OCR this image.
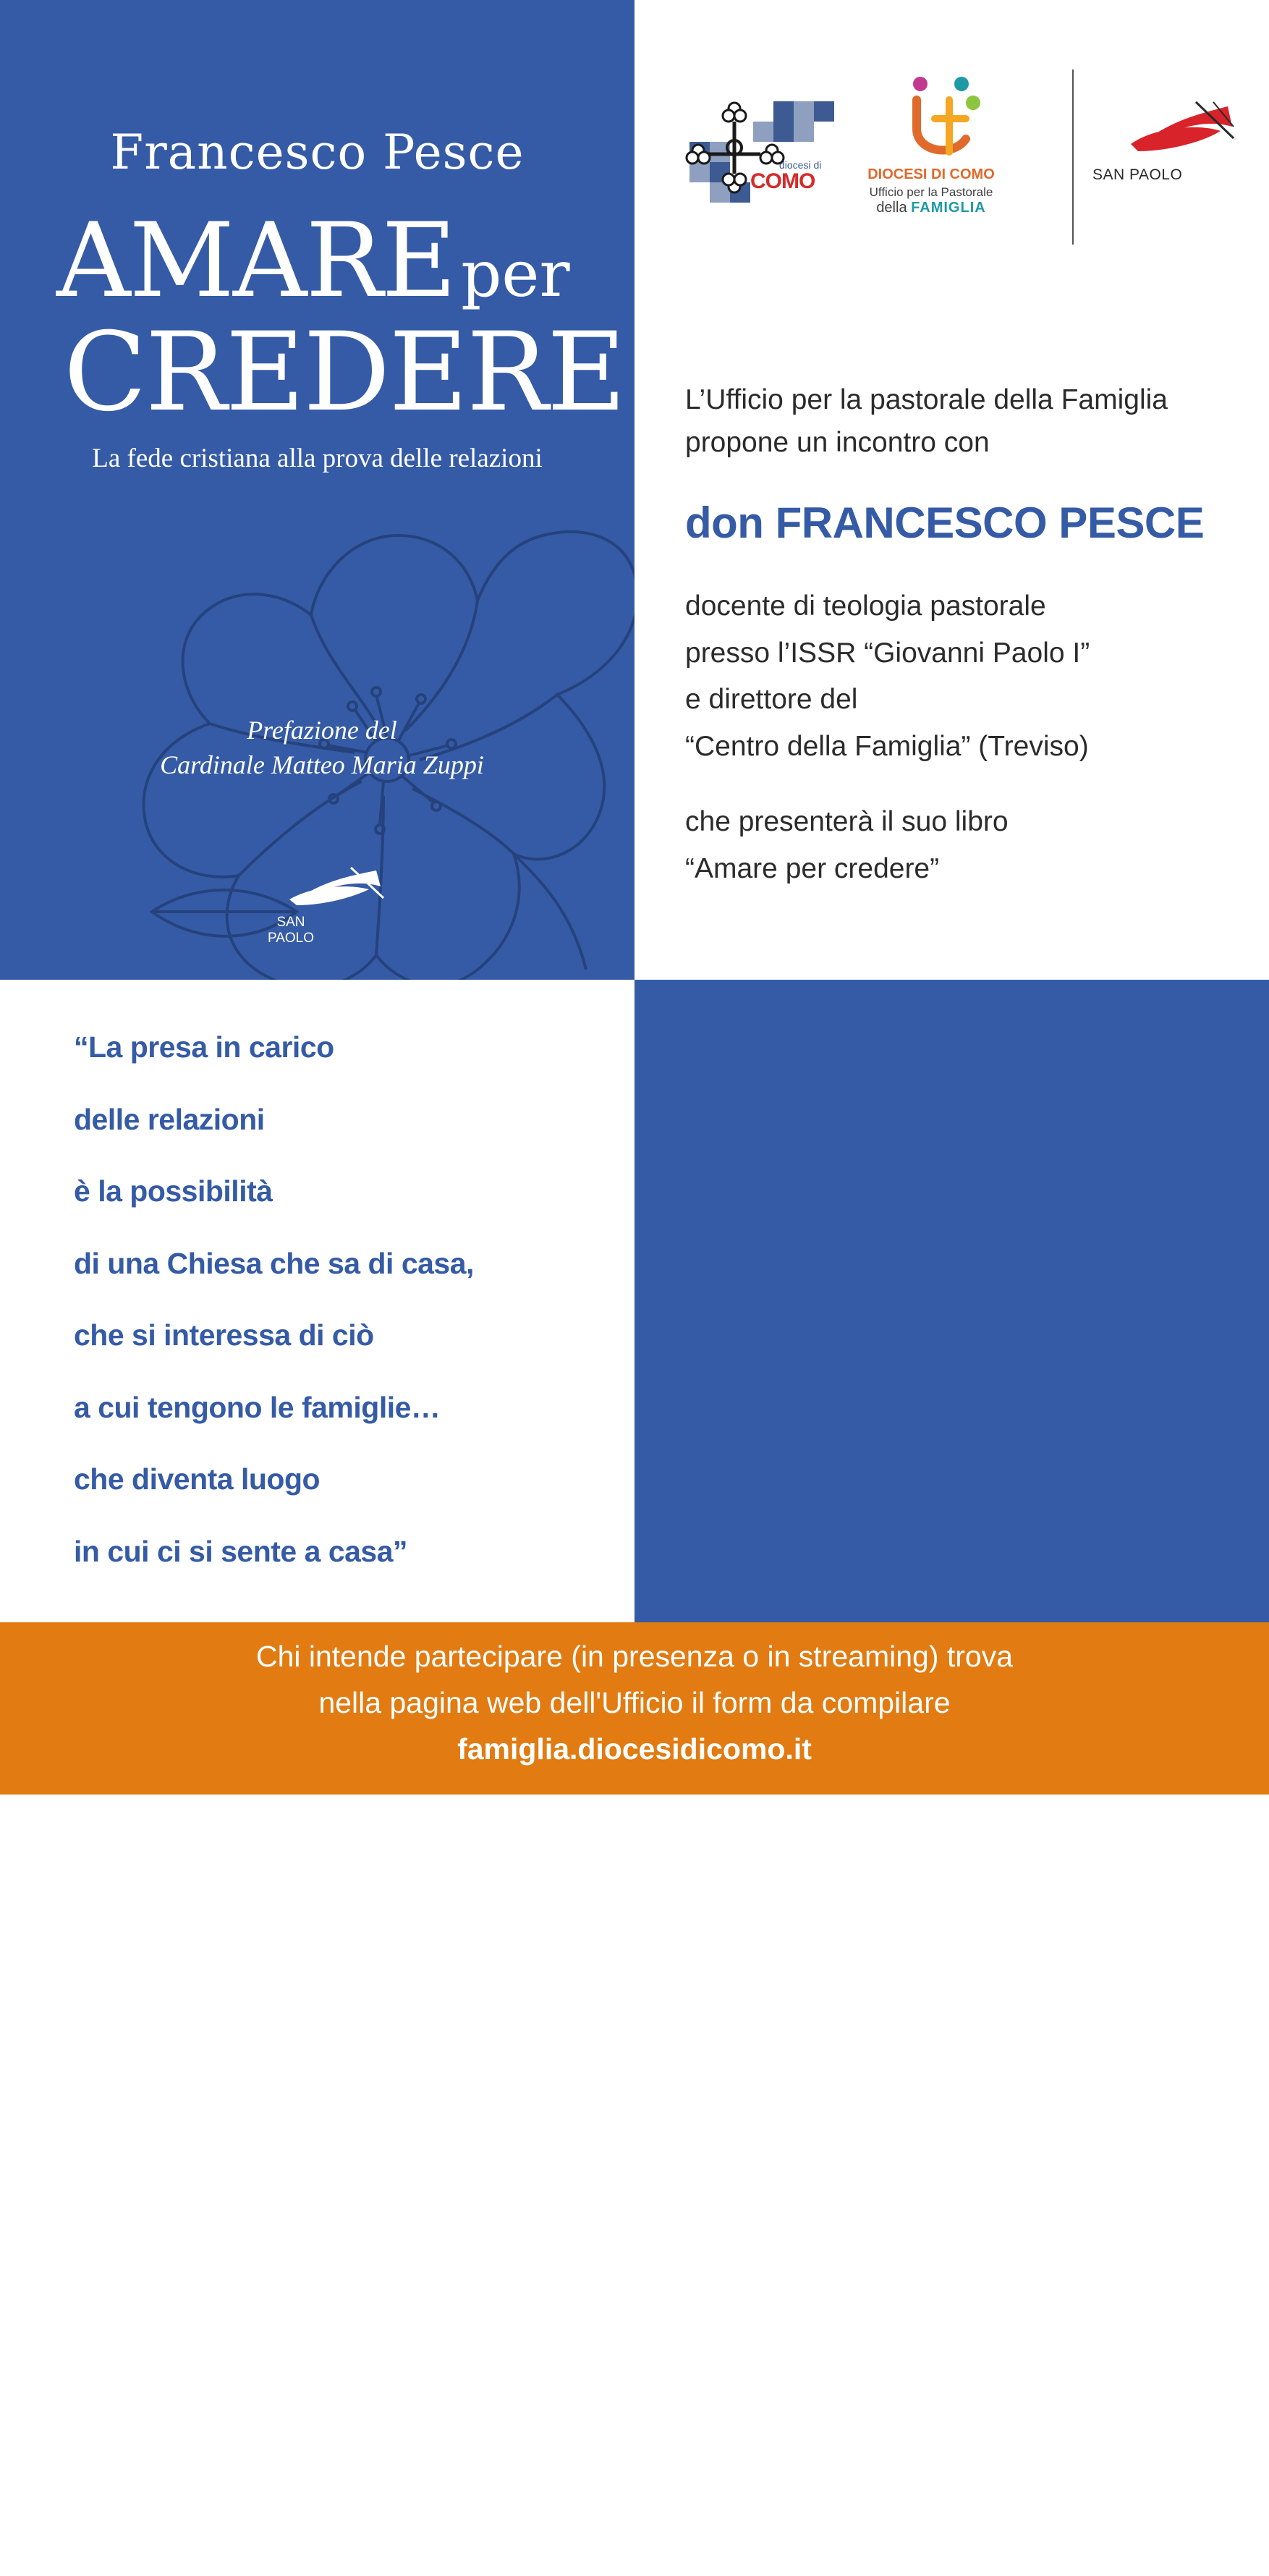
Francesco Pesce
AMAREper
CREDERE
La fede cristiana alla prova delle relazioni
Prefazione del
Cardinale Matteo Maria Zuppi
SAN PAOLO
diocesi di
COMO	DIOCESI DI COMO
Ufficio per la Pastorale
della FAMIGLIA
SAN PAOLO
L’Ufficio per la pastorale della Famiglia
propone un incontro con
don FRANCESCO PESCE
docente di teologia pastorale
presso l’ISSR “Giovanni Paolo I”
e direttore del
“Centro della Famiglia” (Treviso)
che presenterà il suo libro
“Amare per credere”
“La presa in carico
delle relazioni
è la possibilità
di una Chiesa che sa di casa,
che si interessa di ciò
a cui tengono le famiglie…
che diventa luogo
in cui ci si sente a casa”
Domenica
19 novembre
2023	Ore 17.00
Como | Seminario Vescovile
Via Baserga 81
Sarà possibile seguire l'incontro
anche tramite la diretta streaming
VI ASPETTIAMO NUMEROSI!
Chi intende partecipare (in presenza o in streaming) trova
nella pagina web dell'Ufficio il form da compilare
famiglia.diocesidicomo.it
